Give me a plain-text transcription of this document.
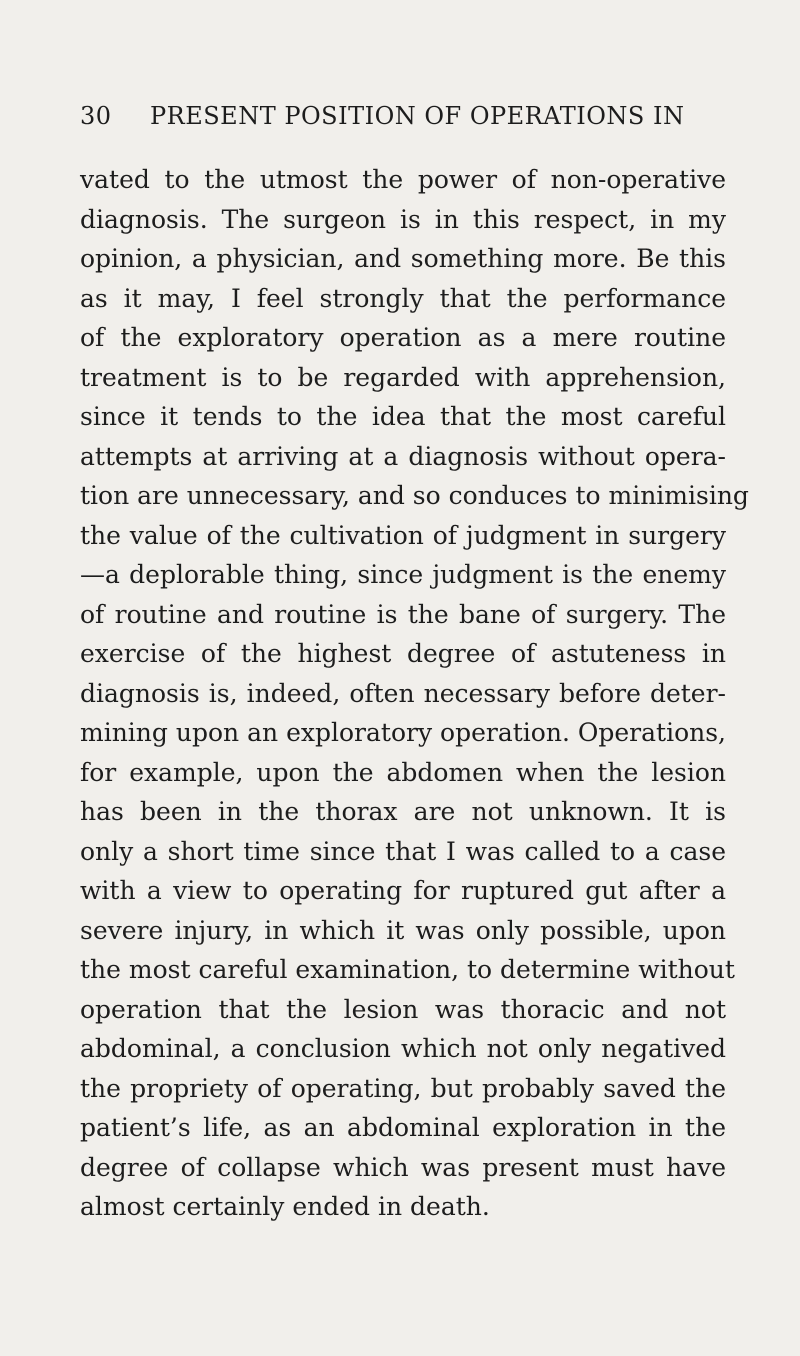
30 PRESENT POSITION OF OPERATIONS IN
vated to the utmost the power of non-operative
diagnosis. The surgeon is in this respect, in my
opinion, a physician, and something more. Be this
as it may, I feel strongly that the performance
of the exploratory operation as a mere routine
treatment is to be regarded with apprehension,
since it tends to the idea that the most careful
attempts at arriving at a diagnosis without opera-
tion are unnecessary, and so conduces to minimising
the value of the cultivation of judgment in surgery
—a deplorable thing, since judgment is the enemy
of routine and routine is the bane of surgery. The
exercise of the highest degree of astuteness in
diagnosis is, indeed, often necessary before deter-
mining upon an exploratory operation. Operations,
for example, upon the abdomen when the lesion
has been in the thorax are not unknown. It is
only a short time since that I was called to a case
with a view to operating for ruptured gut after a
severe injury, in which it was only possible, upon
the most careful examination, to determine without
operation that the lesion was thoracic and not
abdominal, a conclusion which not only negatived
the propriety of operating, but probably saved the
patient’s life, as an abdominal exploration in the
degree of collapse which was present must have
almost certainly ended in death.
